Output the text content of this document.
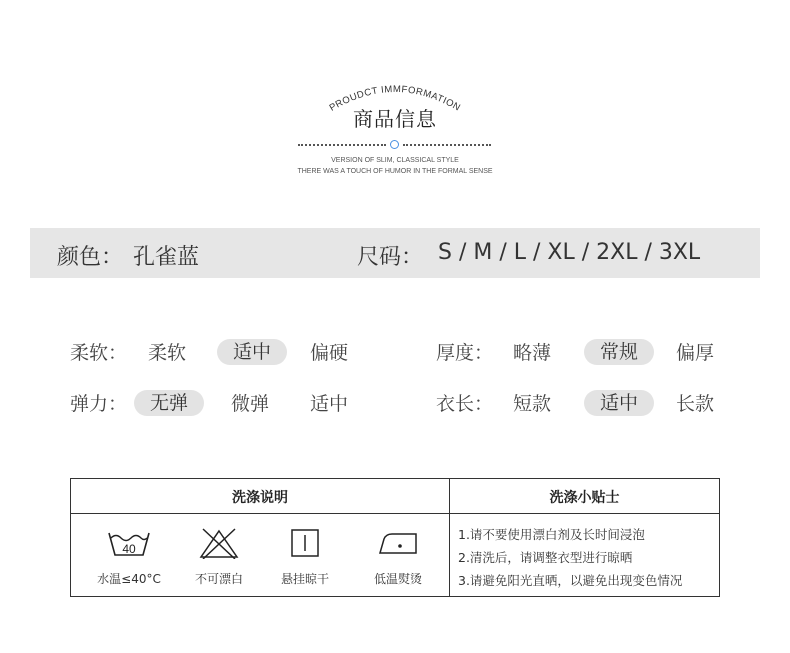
PROUDCT IMMFORMATION
商品信息
VERSION OF SLIM, CLASSICAL STYLE
THERE WAS A TOUCH OF HUMOR IN THE FORMAL SENSE
颜色： 孔雀蓝	尺码： S / M / L / XL / 2XL / 3XL
柔软： 柔软	适中	偏硬	厚度： 略薄	常规	偏厚
弹力：	无弹	微弹 适中	衣长： 短款	适中	长款
洗涤说明	洗涤小贴士
40
水温≤40°C	不可漂白	悬挂晾干	低温熨烫
1.请不要使用漂白剂及长时间浸泡
2.清洗后，请调整衣型进行晾晒
3.请避免阳光直晒，以避免出现变色情况
